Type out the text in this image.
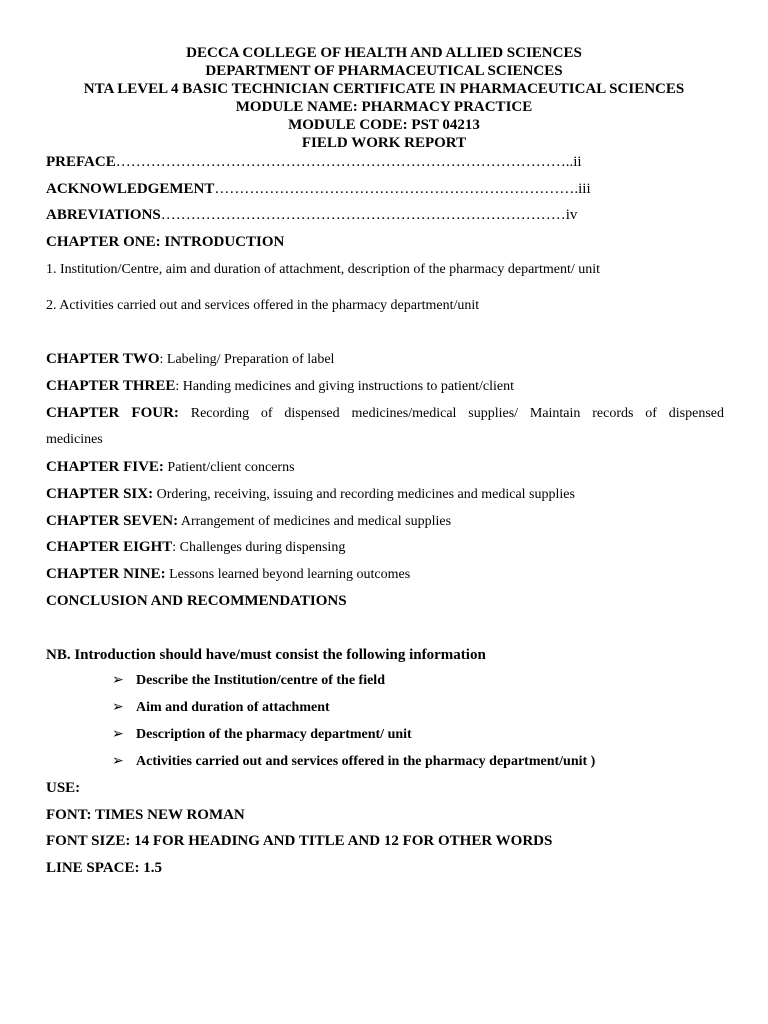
DECCA COLLEGE OF HEALTH AND ALLIED SCIENCES
DEPARTMENT OF PHARMACEUTICAL SCIENCES
NTA LEVEL 4 BASIC TECHNICIAN CERTIFICATE IN PHARMACEUTICAL SCIENCES
MODULE NAME: PHARMACY PRACTICE
MODULE CODE: PST 04213
FIELD WORK REPORT
PREFACE………………………………………………………………………………..ii
ACKNOWLEDGEMENT……………………………………………………………….iii
ABREVIATIONS………………………………………………………………………iv
CHAPTER ONE: INTRODUCTION
1. Institution/Centre, aim and duration of attachment, description of the pharmacy department/ unit
2. Activities carried out and services offered in the pharmacy department/unit
CHAPTER TWO: Labeling/ Preparation of label
CHAPTER THREE: Handing medicines and giving instructions to patient/client
CHAPTER FOUR: Recording of dispensed medicines/medical supplies/ Maintain records of dispensed
medicines
CHAPTER FIVE: Patient/client concerns
CHAPTER SIX: Ordering, receiving, issuing and recording medicines and medical supplies
CHAPTER SEVEN: Arrangement of medicines and medical supplies
CHAPTER EIGHT: Challenges during dispensing
CHAPTER NINE: Lessons learned beyond learning outcomes
CONCLUSION AND RECOMMENDATIONS
NB. Introduction should have/must consist the following information
➢ Describe the Institution/centre of the field
➢ Aim and duration of attachment
➢ Description of the pharmacy department/ unit
➢ Activities carried out and services offered in the pharmacy department/unit )
USE:
FONT: TIMES NEW ROMAN
FONT SIZE: 14 FOR HEADING AND TITLE AND 12 FOR OTHER WORDS
LINE SPACE: 1.5
